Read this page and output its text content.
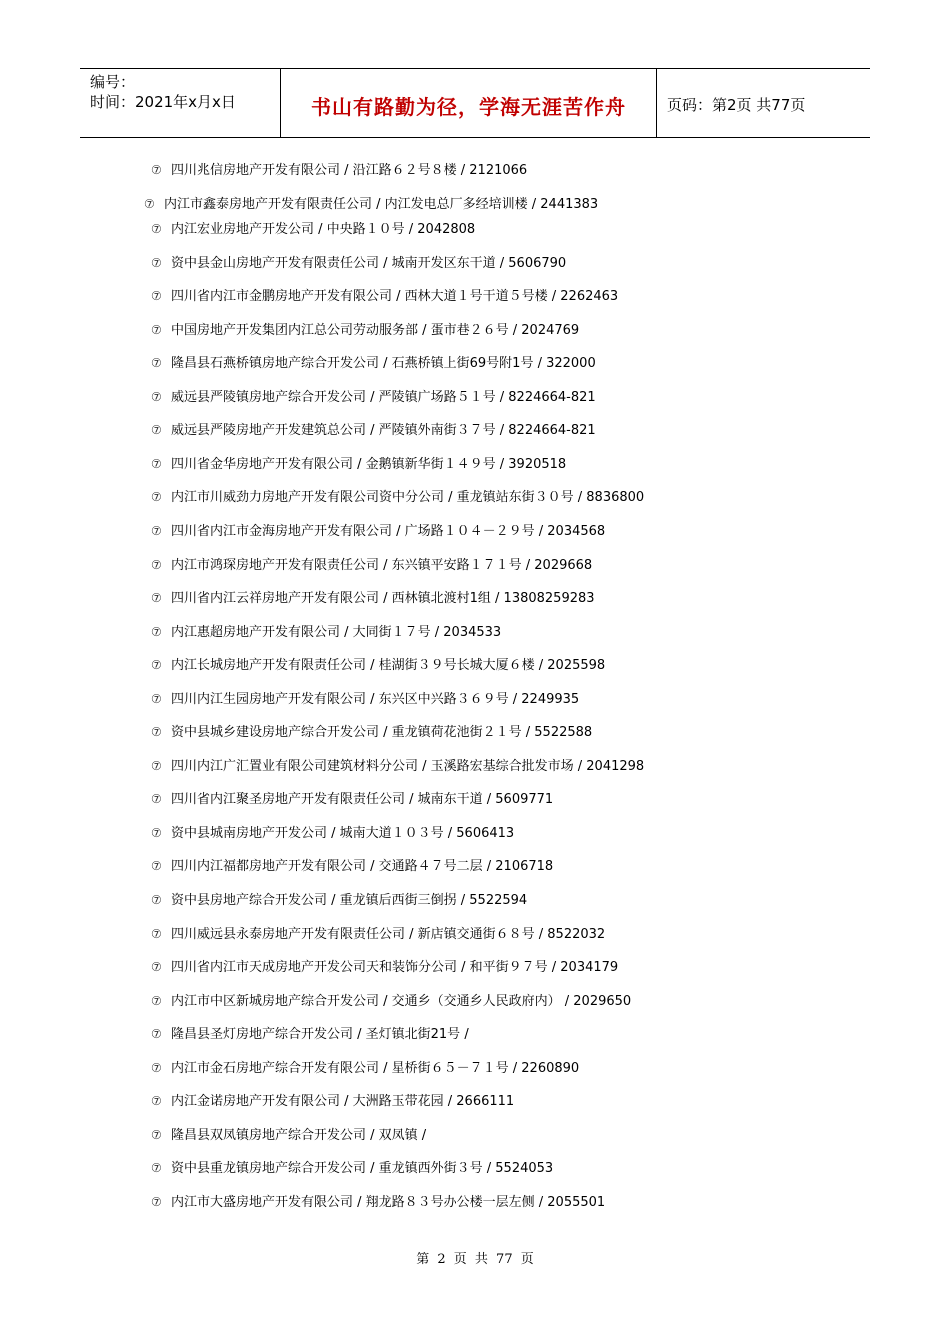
编号：
时间：2021年x月x日	书山有路勤为径，学海无涯苦作舟	页码：第2页 共77页
⑦ 四川兆信房地产开发有限公司 / 沿江路６２号８楼 / 2121066
⑦ 内江市鑫泰房地产开发有限责任公司 / 内江发电总厂多经培训楼 / 2441383
⑦ 内江宏业房地产开发公司 / 中央路１０号 / 2042808
⑦ 资中县金山房地产开发有限责任公司 / 城南开发区东干道 / 5606790
⑦ 四川省内江市金鹏房地产开发有限公司 / 西林大道１号干道５号楼 / 2262463
⑦ 中国房地产开发集团内江总公司劳动服务部 / 蛋市巷２６号 / 2024769
⑦ 隆昌县石燕桥镇房地产综合开发公司 / 石燕桥镇上街69号附1号 / 322000
⑦ 威远县严陵镇房地产综合开发公司 / 严陵镇广场路５１号 / 8224664-821
⑦ 威远县严陵房地产开发建筑总公司 / 严陵镇外南街３７号 / 8224664-821
⑦ 四川省金华房地产开发有限公司 / 金鹅镇新华街１４９号 / 3920518
⑦ 内江市川威劲力房地产开发有限公司资中分公司 / 重龙镇站东街３０号 / 8836800
⑦ 四川省内江市金海房地产开发有限公司 / 广场路１０４－２９号 / 2034568
⑦ 内江市鸿琛房地产开发有限责任公司 / 东兴镇平安路１７１号 / 2029668
⑦ 四川省内江云祥房地产开发有限公司 / 西林镇北渡村1组 / 13808259283
⑦ 内江惠超房地产开发有限公司 / 大同街１７号 / 2034533
⑦ 内江长城房地产开发有限责任公司 / 桂湖街３９号长城大厦６楼 / 2025598
⑦ 四川内江生园房地产开发有限公司 / 东兴区中兴路３６９号 / 2249935
⑦ 资中县城乡建设房地产综合开发公司 / 重龙镇荷花池街２１号 / 5522588
⑦ 四川内江广汇置业有限公司建筑材料分公司 / 玉溪路宏基综合批发市场 / 2041298
⑦ 四川省内江聚圣房地产开发有限责任公司 / 城南东干道 / 5609771
⑦ 资中县城南房地产开发公司 / 城南大道１０３号 / 5606413
⑦ 四川内江福都房地产开发有限公司 / 交通路４７号二层 / 2106718
⑦ 资中县房地产综合开发公司 / 重龙镇后西街三倒拐 / 5522594
⑦ 四川威远县永泰房地产开发有限责任公司 / 新店镇交通街６８号 / 8522032
⑦ 四川省内江市天成房地产开发公司天和装饰分公司 / 和平街９７号 / 2034179
⑦ 内江市中区新城房地产综合开发公司 / 交通乡（交通乡人民政府内） / 2029650
⑦ 隆昌县圣灯房地产综合开发公司 / 圣灯镇北街21号 /
⑦ 内江市金石房地产综合开发有限公司 / 星桥街６５－７１号 / 2260890
⑦ 内江金诺房地产开发有限公司 / 大洲路玉带花园 / 2666111
⑦ 隆昌县双凤镇房地产综合开发公司 / 双凤镇 /
⑦ 资中县重龙镇房地产综合开发公司 / 重龙镇西外街３号 / 5524053
⑦ 内江市大盛房地产开发有限公司 / 翔龙路８３号办公楼一层左侧 / 2055501
第 2 页 共 77 页
